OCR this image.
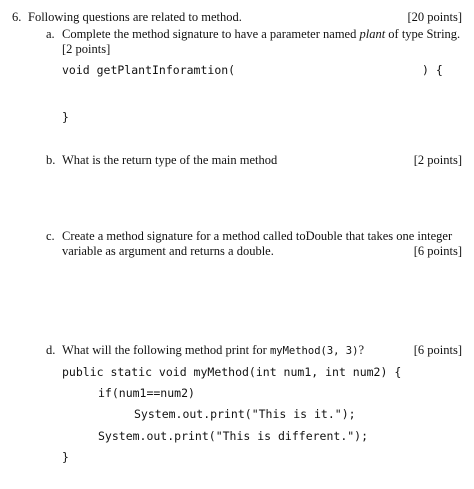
6. Following questions are related to method.	[20 points]
a. Complete the method signature to have a parameter named plant of type String.
[2 points]
void getPlantInforamtion(	) {
}
b. What is the return type of the main method	[2 points]
c. Create a method signature for a method called toDouble that takes one integer
variable as argument and returns a double.	[6 points]
d. What will the following method print for myMethod(3, 3)?	[6 points]
public static void myMethod(int num1, int num2) {
if(num1==num2)
System.out.print("This is it.");
System.out.print("This is different.");
}
